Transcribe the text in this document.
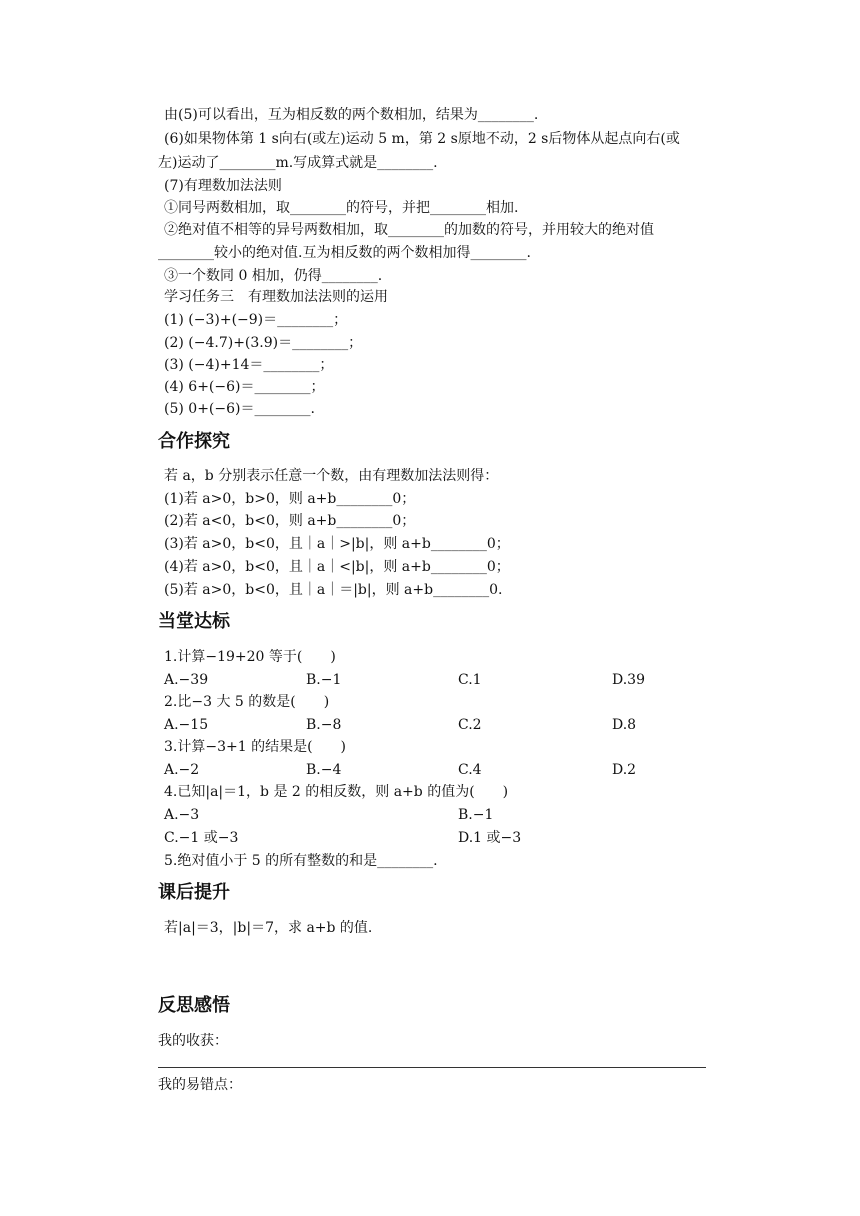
由(5)可以看出，互为相反数的两个数相加，结果为________.
(6)如果物体第 1 s向右(或左)运动 5 m，第 2 s原地不动，2 s后物体从起点向右(或
左)运动了________m.写成算式就是________.
(7)有理数加法法则
①同号两数相加，取________的符号，并把________相加.
②绝对值不相等的异号两数相加，取________的加数的符号，并用较大的绝对值
________较小的绝对值.互为相反数的两个数相加得________.
③一个数同 0 相加，仍得________.
学习任务三　有理数加法法则的运用
(1) (−3)+(−9)＝________；
(2) (−4.7)+(3.9)＝________；
(3) (−4)+14＝________；
(4) 6+(−6)＝________；
(5) 0+(−6)＝________.
合作探究
若 a，b 分别表示任意一个数，由有理数加法法则得：
(1)若 a>0，b>0，则 a+b________0；
(2)若 a<0，b<0，则 a+b________0；
(3)若 a>0，b<0，且｜a｜>|b|，则 a+b________0；
(4)若 a>0，b<0，且｜a｜<|b|，则 a+b________0；
(5)若 a>0，b<0，且｜a｜＝|b|，则 a+b________0.
当堂达标
1.计算−19+20 等于(　　)
A.−39	B.−1	C.1	D.39
2.比−3 大 5 的数是(　　)
A.−15	B.−8	C.2	D.8
3.计算−3+1 的结果是(　　)
A.−2	B.−4	C.4	D.2
4.已知|a|＝1，b 是 2 的相反数，则 a+b 的值为(　　)
A.−3	B.−1
C.−1 或−3	D.1 或−3
5.绝对值小于 5 的所有整数的和是________.
课后提升
若|a|＝3，|b|＝7，求 a+b 的值.
反思感悟
我的收获：
我的易错点：
